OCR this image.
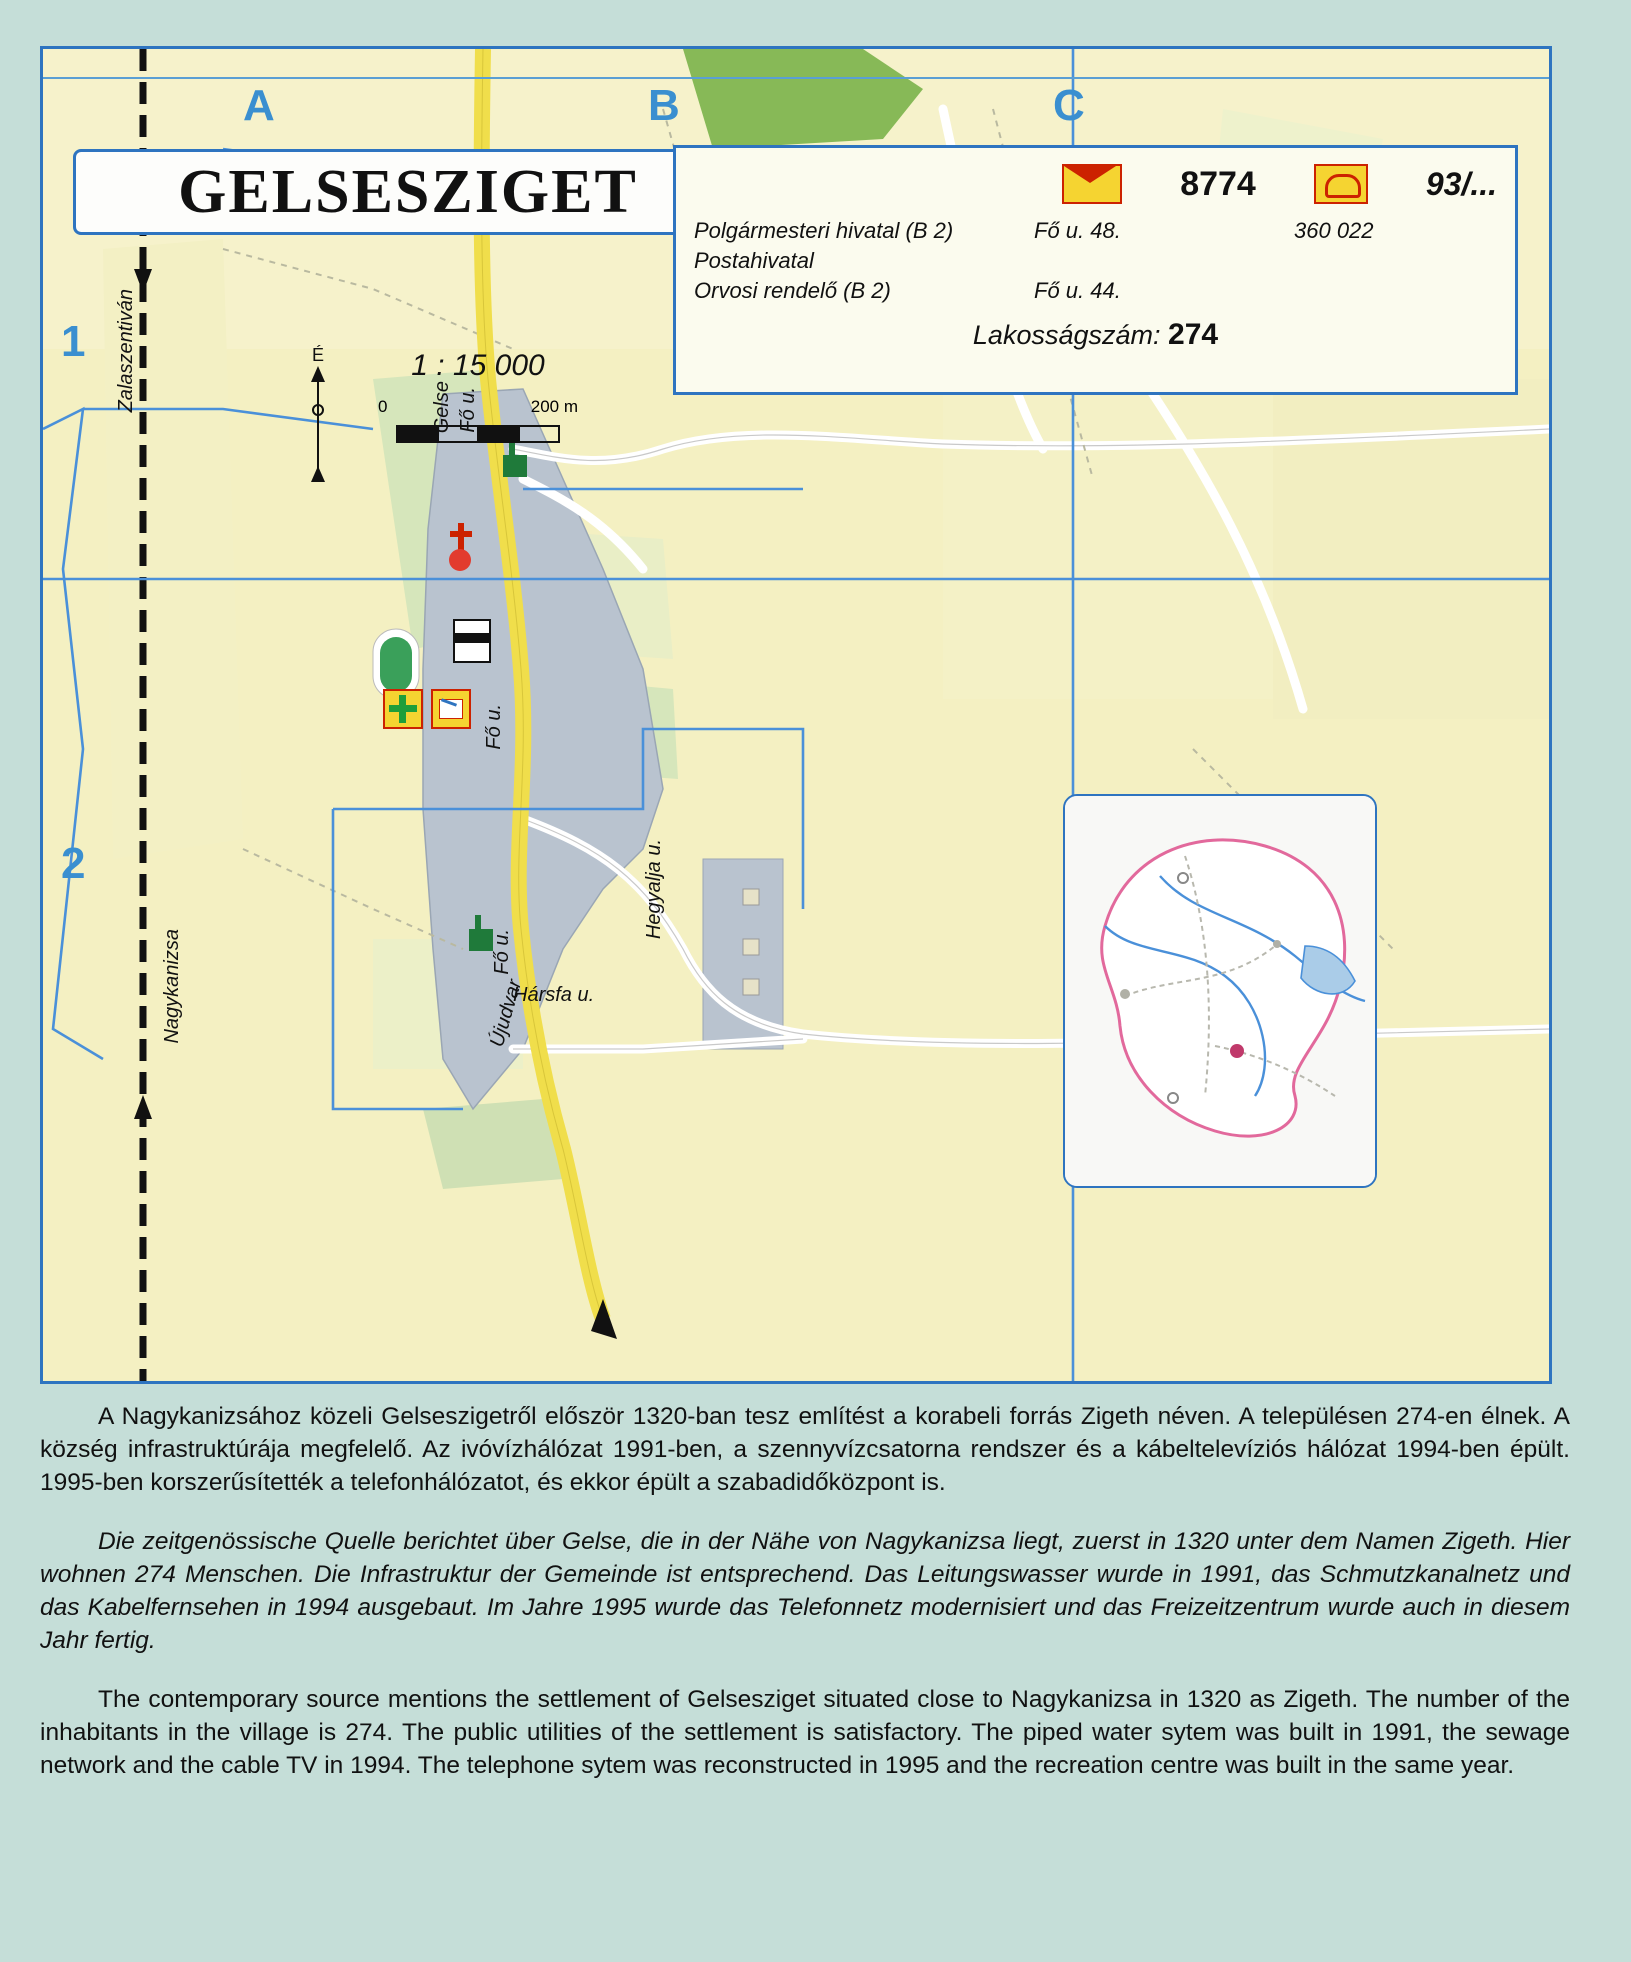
A	B	C
1
2
GELSESZIGET	8774	93/...
Polgármesteri hivatal (B 2)	Fő u. 48.	360 022
Postahivatal
Orvosi rendelő (B 2)	Fő u. 44.
Lakosságszám: 274
É	1 : 15 000
0	200 m
Zalaszentiván
Nagykanizsa
Gelse Fő u.
Fő u.
Fő u.
Újudvar
Hársfa u.
Hegyalja u.

A Nagykanizsához közeli Gelseszigetről először 1320-ban tesz említést a korabeli forrás Zigeth néven. A településen 274-en élnek. A község infrastruktúrája megfelelő. Az ivóvízhálózat 1991-ben, a szennyvízcsatorna rendszer és a kábeltelevíziós hálózat 1994-ben épült. 1995-ben korszerűsítették a telefonhálózatot, és ekkor épült a szabadidőközpont is.

Die zeitgenössische Quelle berichtet über Gelse, die in der Nähe von Nagykanizsa liegt, zuerst in 1320 unter dem Namen Zigeth. Hier wohnen 274 Menschen. Die Infrastruktur der Gemeinde ist entsprechend. Das Leitungswasser wurde in 1991, das Schmutzkanalnetz und das Kabelfernsehen in 1994 ausgebaut. Im Jahre 1995 wurde das Telefonnetz modernisiert und das Freizeitzentrum wurde auch in diesem Jahr fertig.

The contemporary source mentions the settlement of Gelsesziget situated close to Nagykanizsa in 1320 as Zigeth. The number of the inhabitants in the village is 274. The public utilities of the settlement is satisfactory. The piped water sytem was built in 1991, the sewage network and the cable TV in 1994. The telephone sytem was reconstructed in 1995 and the recreation centre was built in the same year.
